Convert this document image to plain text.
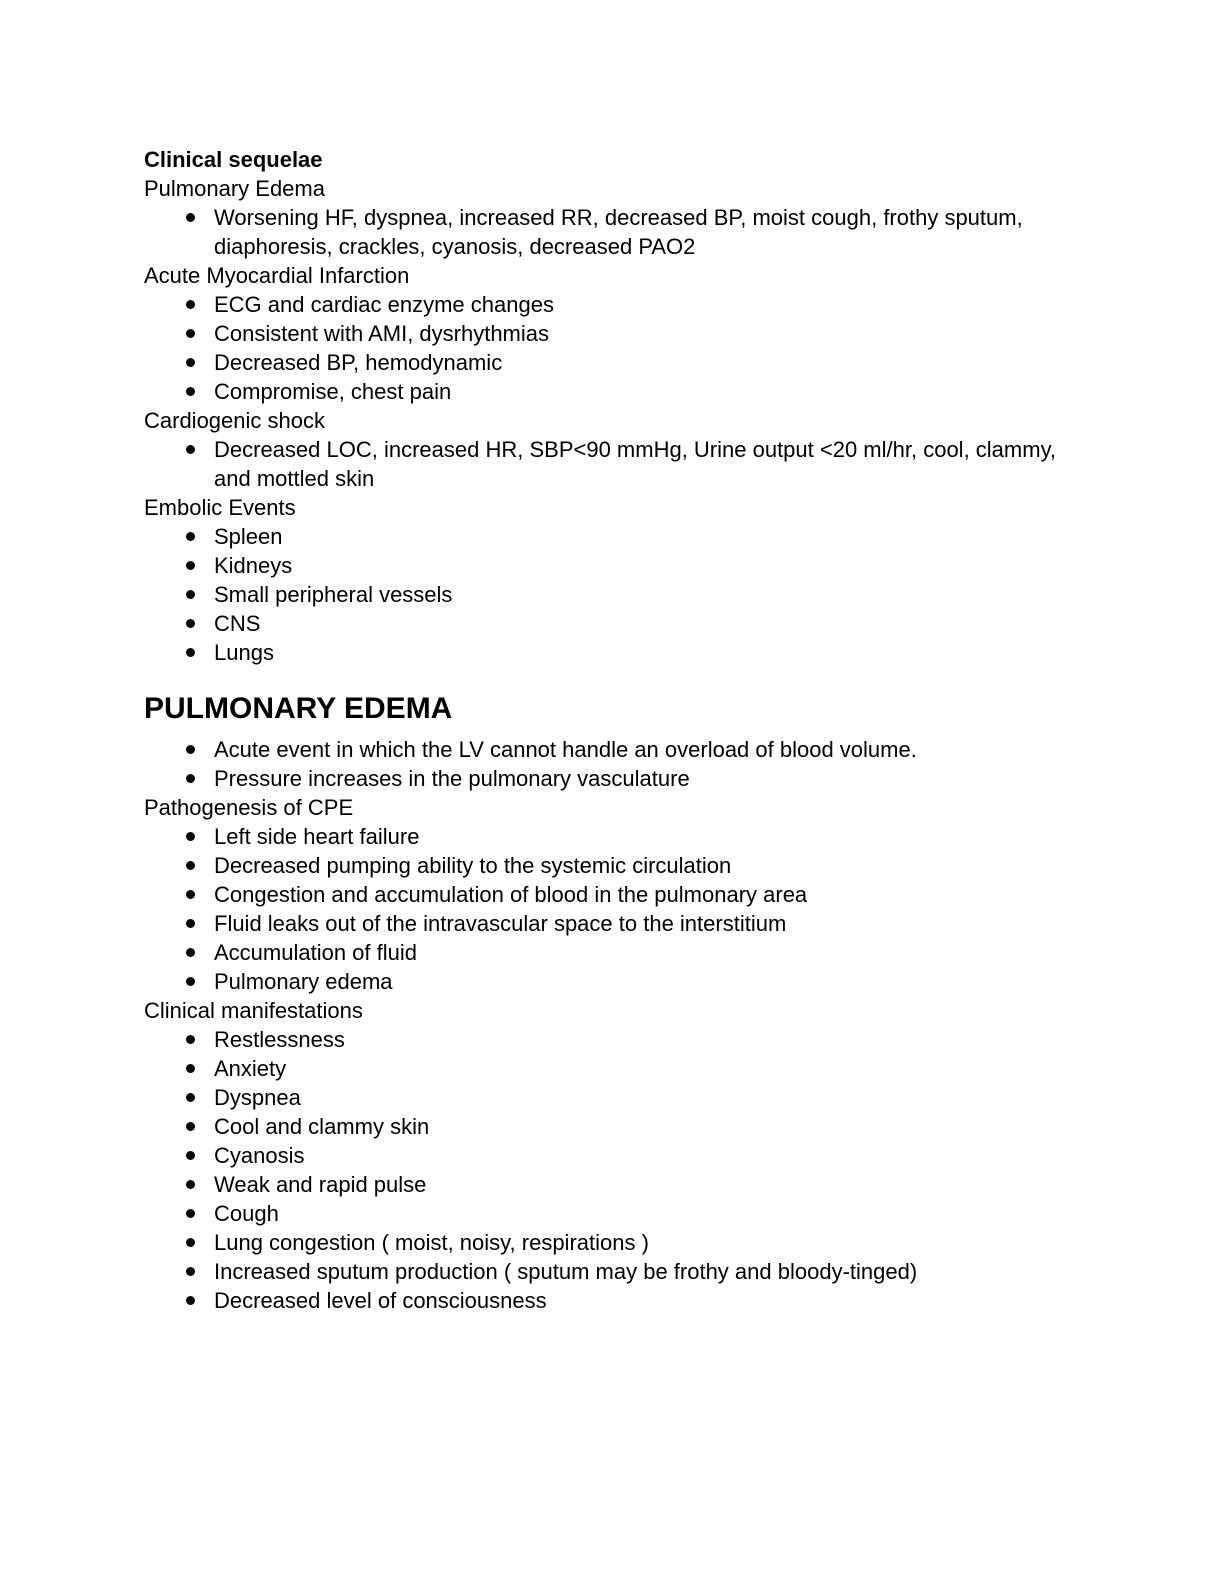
Clinical sequelae

Pulmonary Edema

Worsening HF, dyspnea, increased RR, decreased BP, moist cough, frothy sputum, diaphoresis, crackles, cyanosis, decreased PAO2

Acute Myocardial Infarction

ECG and cardiac enzyme changes
Consistent with AMI, dysrhythmias
Decreased BP, hemodynamic
Compromise, chest pain

Cardiogenic shock

Decreased LOC, increased HR, SBP<90 mmHg, Urine output <20 ml/hr, cool, clammy, and mottled skin

Embolic Events

Spleen
Kidneys
Small peripheral vessels
CNS
Lungs
PULMONARY EDEMA
Acute event in which the LV cannot handle an overload of blood volume.
Pressure increases in the pulmonary vasculature

Pathogenesis of CPE

Left side heart failure
Decreased pumping ability to the systemic circulation
Congestion and accumulation of blood in the pulmonary area
Fluid leaks out of the intravascular space to the interstitium
Accumulation of fluid
Pulmonary edema

Clinical manifestations

Restlessness
Anxiety
Dyspnea
Cool and clammy skin
Cyanosis
Weak and rapid pulse
Cough
Lung congestion ( moist, noisy, respirations )
Increased sputum production ( sputum may be frothy and bloody-tinged)
Decreased level of consciousness
